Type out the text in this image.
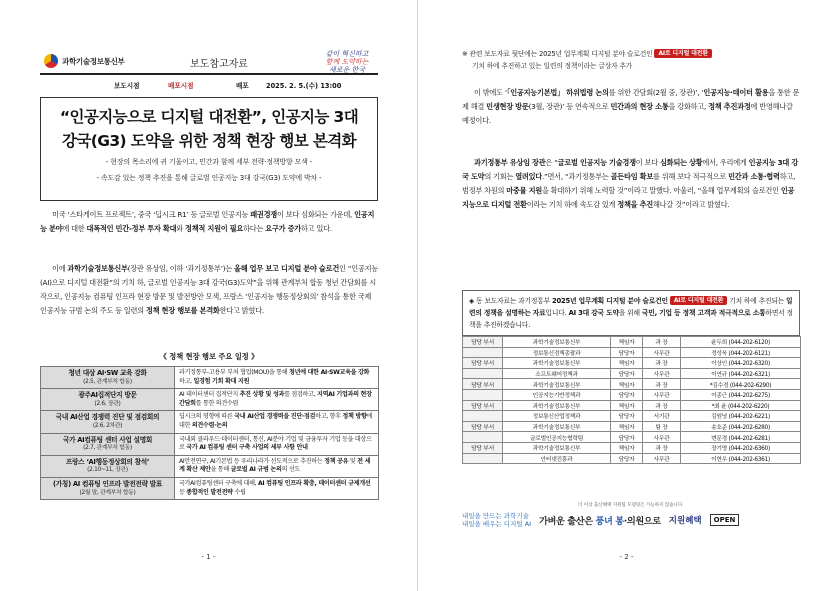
과학기술정보통신부	보도참고자료
같이 혁신하고
함께 도약하는
새로운 한국
보도시점	배포시점	배포	2025. 2. 5.(수) 13:00
“인공지능으로 디지털 대전환”, 인공지능 3대
강국(G3) 도약을 위한 정책 현장 행보 본격화
- 현장의 목소리에 귀 기울이고, 민간과 함께 세부 전략·정책방향 모색 -
- 속도감 있는 정책 추진을 통해 글로벌 인공지능 3대 강국(G3) 도약에 박차 -

미국 ‘스타게이트 프로젝트’, 중국 ‘딥시크 R1’ 등 글로벌 인공지능 패권경쟁이 보다 심화되는 가운데, 인공지능 분야에 대한 대폭적인 민간-정부 투자 확대와 정책적 지원이 필요하다는 요구가 증가하고 있다.

이에 과학기술정보통신부(장관 유상임, 이하 ‘과기정통부’)는 올해 업무 보고 디지털 분야 슬로건인 “인공지능(AI)으로 디지털 대전환”의 기치 하, 글로벌 인공지능 3대 강국(G3)도약”을 위해 관계부처 합동 청년 간담회를 시작으로, 인공지능 컴퓨팅 인프라 현장 방문 및 발전방안 모색, 프랑스 ‘인공지능 행동정상회의’ 참석을 통한 국제 인공지능 규범 논의 주도 등 일련의 정책 현장 행보를 본격화한다고 밝혔다.

《 정책 현장 행보 주요 일정 》
청년 대상 AI·SW 교육 강화
(2.5, 관계부처 합동)	과기정통부-고용부 부처 협업(MOU)을 통해 청년에 대한 AI·SW교육을 강화하고, 일경험 기회 확대 지원

광주AI집적단지 방문
(2.6, 장관)	AI 데이터센터 집적단지 추진 상황 및 성과를 점검하고, 지역AI 기업과의 현장간담회를 통한 의견수렴

국내 AI산업 경쟁력 진단 및 점검회의
(2.6, 2차관)	딥시크의 영향에 따른 국내 AI산업 경쟁력을 진단·점검하고, 향후 정책 방향에 대한 의견수렴·논의

국가 AI컴퓨팅 센터 사업 설명회
(2.7, 관계부처 합동)	국내외 클라우드·데이터센터, 통신, AI분야 기업 및 금융투자 기업 등을 대상으로 국가 AI 컴퓨팅 센터 구축 사업의 세부 사항 안내

프랑스 ‘AI행동정상회의 참석’
(2.10~11, 장관)	AI안전연구, AI기본법 등 우리나라가 선도적으로 추진하는 정책 공유 및 전 세계 확산 제안을 통해 글로벌 AI 규범 논의의 선도

(가칭) AI 컴퓨팅 인프라 발전전략 발표
(2월 말, 관계부처 합동)	국가AI컴퓨팅센터 구축에 대해, AI 컴퓨팅 인프라 확충, 데이터센터 규제개선 등 종합적인 발전전략 수립
- 1 -
※ 관련 보도자료 뒷단에는 2025년 업무계획 디지털 분야 슬로건인 AI로 디지털 대전환
기치 하에 추진하고 있는 일련의 정책이라는 글상자 추가

이 밖에도 ‘「인공지능기본법」 하위법령 논의를 위한 간담회(2월 중, 장관)’, ‘인공지능·데이터 활용을 통한 문제 해결 민생현장 방문(3월, 장관)’ 등 연속적으로 민간과의 현장 소통을 강화하고, 정책 추진과정에 반영해나갈 예정이다.

과기정통부 유상임 장관은 “글로벌 인공지능 기술경쟁이 보다 심화되는 상황에서, 우리에게 인공지능 3대 강국 도약의 기회는 열려있다.”면서, “과기정통부는 골든타임 확보를 위해 보다 적극적으로 민간과 소통·협력하고, 범정부 차원의 마중물 지원을 확대하기 위해 노력할 것”이라고 말했다. 아울러, “올해 업무계획의 슬로건인 인공지능으로 디지털 전환이라는 기치 하에 속도감 있게 정책을 추진해나갈 것”이라고 밝혔다.

◈ 동 보도자료는 과기정통부 2025년 업무계획 디지털 분야 슬로건인 AI로 디지털 대전환 기치 하에 추진되는 일련의 정책을 설명하는 자료입니다. AI 3대 강국 도약을 위해 국민, 기업 등 정책 고객과 적극적으로 소통하면서 정책을 추진하겠습니다.
담당 부서	과학기술정보통신부	책임자	과 장	윤두희 (044-202-6120)
	정보통신정책총괄과	담당자	사무관	정성욱 (044-202-6121)
담당 부서	과학기술정보통신부	책임자	과 장	이상인 (044-202-6320)
	소프트웨어정책과	담당자	사무관	이연규 (044-202-6321)
담당 부서	과학기술정보통신부	책임자	과 장	*김수정 (044-202-6290)
	인공지능기반정책과	담당자	사무관	이종근 (044-202-6275)
담당 부서	과학기술정보통신부	책임자	과 장	*최 윤 (044-202-6220)
	정보통신산업정책과	담당자	서기관	김원녕 (044-202-6221)
담당 부서	과학기술정보통신부	책임자	팀 장	송호준 (044-202-6280)
	글로벌인공지능협력팀	담당자	사무관	변문경 (044-202-6281)
담당 부서	과학기술정보통신부	책임자	과 장	장기영 (044-202-6360)
	안터넷진흥과	담당자	사무관	이현우 (044-202-6361)
더 이상 출산혜택 지원팀 모델링은 가능하지 않습니다
내일을 만드는 과학기술
내일을 배우는 디지털 AI 가벼운 출산은 풍녀 봉·의원으로 지원혜택	OPEN
- 2 -
